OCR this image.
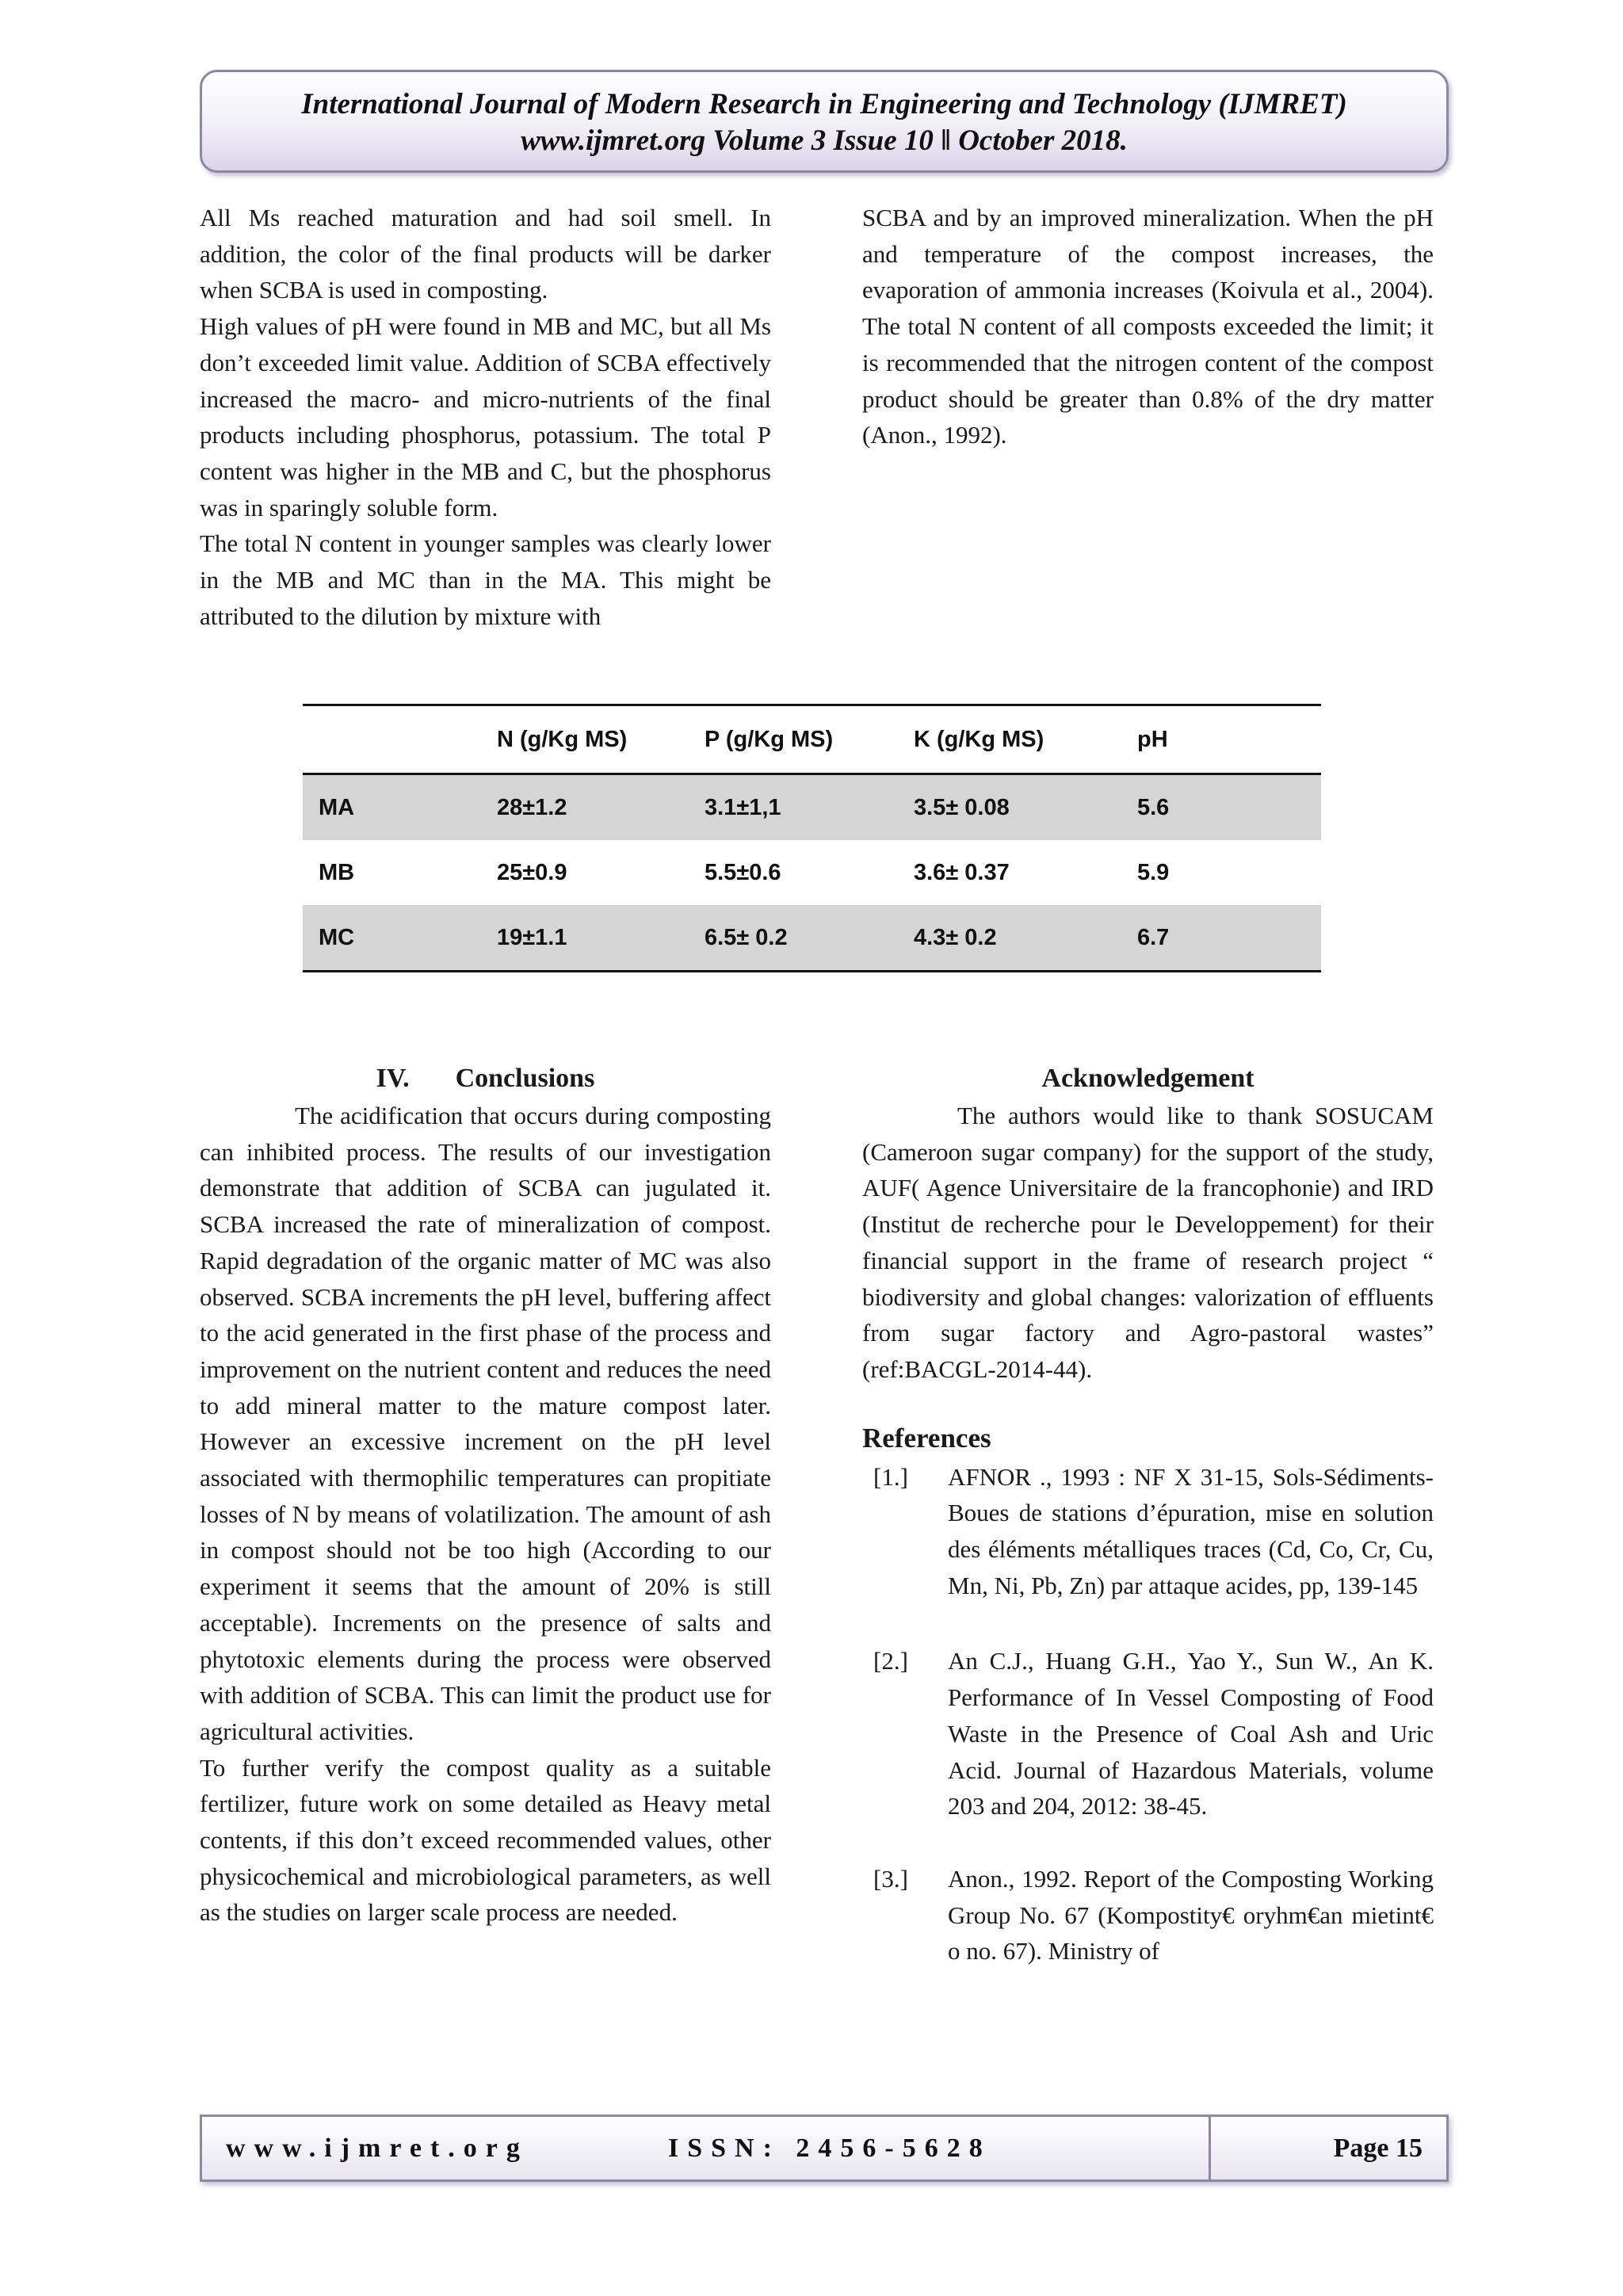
International Journal of Modern Research in Engineering and Technology (IJMRET)
www.ijmret.org Volume 3 Issue 10 ǁ October 2018.

All Ms reached maturation and had soil smell. In addition, the color of the final products will be darker when SCBA is used in composting.

High values of pH were found in MB and MC, but all Ms don’t exceeded limit value. Addition of SCBA effectively increased the macro- and micro-nutrients of the final products including phosphorus, potassium. The total P content was higher in the MB and C, but the phosphorus was in sparingly soluble form.

The total N content in younger samples was clearly lower in the MB and MC than in the MA. This might be attributed to the dilution by mixture with

SCBA and by an improved mineralization. When the pH and temperature of the compost increases, the evaporation of ammonia increases (Koivula et al., 2004). The total N content of all composts exceeded the limit; it is recommended that the nitrogen content of the compost product should be greater than 0.8% of the dry matter (Anon., 1992).

	N (g/Kg MS)	P (g/Kg MS)	K (g/Kg MS)	pH
MA	28±1.2	3.1±1,1	3.5± 0.08	5.6
MB	25±0.9	5.5±0.6	3.6± 0.37	5.9
MC	19±1.1	6.5± 0.2	4.3± 0.2	6.7
IV. Conclusions

The acidification that occurs during composting can inhibited process. The results of our investigation demonstrate that addition of SCBA can jugulated it. SCBA increased the rate of mineralization of compost. Rapid degradation of the organic matter of MC was also observed. SCBA increments the pH level, buffering affect to the acid generated in the first phase of the process and improvement on the nutrient content and reduces the need to add mineral matter to the mature compost later. However an excessive increment on the pH level associated with thermophilic temperatures can propitiate losses of N by means of volatilization. The amount of ash in compost should not be too high (According to our experiment it seems that the amount of 20% is still acceptable). Increments on the presence of salts and phytotoxic elements during the process were observed with addition of SCBA. This can limit the product use for agricultural activities.

To further verify the compost quality as a suitable fertilizer, future work on some detailed as Heavy metal contents, if this don’t exceed recommended values, other physicochemical and microbiological parameters, as well as the studies on larger scale process are needed.

Acknowledgement

The authors would like to thank SOSUCAM (Cameroon sugar company) for the support of the study, AUF( Agence Universitaire de la francophonie) and IRD (Institut de recherche pour le Developpement) for their financial support in the frame of research project “ biodiversity and global changes: valorization of effluents from sugar factory and Agro-pastoral wastes” (ref:BACGL-2014-44).

References
[1.] AFNOR ., 1993 : NF X 31-15, Sols-Sédiments- Boues de stations d’épuration, mise en solution des éléments métalliques traces (Cd, Co, Cr, Cu, Mn, Ni, Pb, Zn) par attaque acides, pp, 139-145

[2.] An C.J., Huang G.H., Yao Y., Sun W., An K. Performance of In Vessel Composting of Food Waste in the Presence of Coal Ash and Uric Acid. Journal of Hazardous Materials, volume 203 and 204, 2012: 38-45.

[3.] Anon., 1992. Report of the Composting Working Group No. 67 (Kompostity€ oryhm€an mietint€ o no. 67). Ministry of

www.ijmret.org	ISSN: 2456-5628	Page 15
